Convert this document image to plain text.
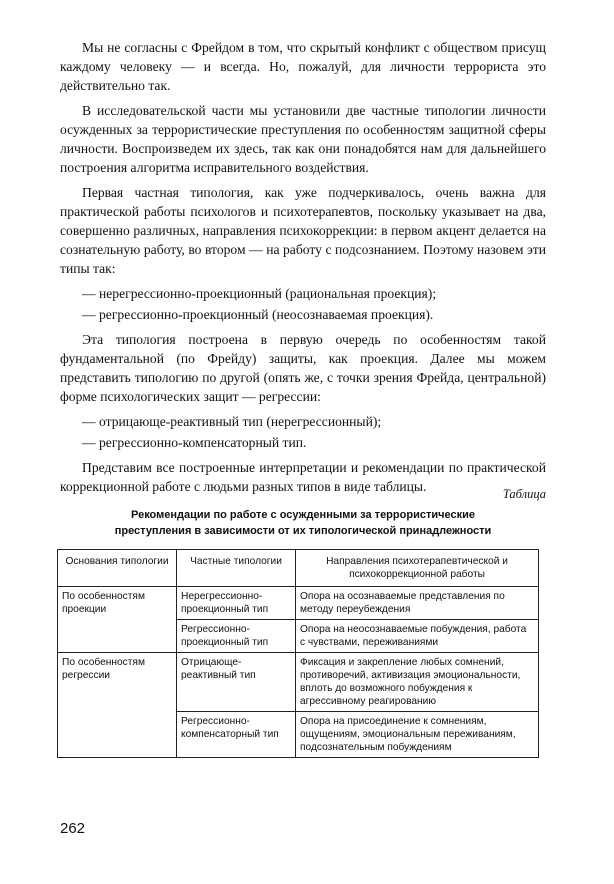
Мы не согласны с Фрейдом в том, что скрытый конфликт с обществом присущ каждому человеку — и всегда. Но, пожалуй, для личности террориста это действительно так.

В исследовательской части мы установили две частные типологии личности осужденных за террористические преступления по особенностям защитной сферы личности. Воспроизведем их здесь, так как они понадобятся нам для дальнейшего построения алгоритма исправительного воздействия.

Первая частная типология, как уже подчеркивалось, очень важна для практической работы психологов и психотерапевтов, поскольку указывает на два, совершенно различных, направления психокоррекции: в первом акцент делается на сознательную работу, во втором — на работу с подсознанием. Поэтому назовем эти типы так:

— нерегрессионно-проекционный (рациональная проекция);

— регрессионно-проекционный (неосознаваемая проекция).

Эта типология построена в первую очередь по особенностям такой фундаментальной (по Фрейду) защиты, как проекция. Далее мы можем представить типологию по другой (опять же, с точки зрения Фрейда, центральной) форме психологических защит — регрессии:

— отрицающе-реактивный тип (нерегрессионный);

— регрессионно-компенсаторный тип.

Представим все построенные интерпретации и рекомендации по практической коррекционной работе с людьми разных типов в виде таблицы.	Таблица
Рекомендации по работе с осужденными за террористические
преступления в зависимости от их типологической принадлежности
Основания типологии	Частные типологии	Направления психотерапевтической и психокоррекционной работы
По особенностям проекции	Нерегрессионно-проекционный тип	Опора на осознаваемые представления по методу переубеждения
	Регрессионно-проекционный тип	Опора на неосознаваемые побуждения, работа с чувствами, переживаниями
По особенностям регрессии	Отрицающе-реактивный тип	Фиксация и закрепление любых сомнений, противоречий, активизация эмоциональности, вплоть до возможного побуждения к агрессивному реагированию
	Регрессионно-компенсаторный тип	Опора на присоединение к сомнениям, ощущениям, эмоциональным переживаниям, подсознательным побуждениям
262
